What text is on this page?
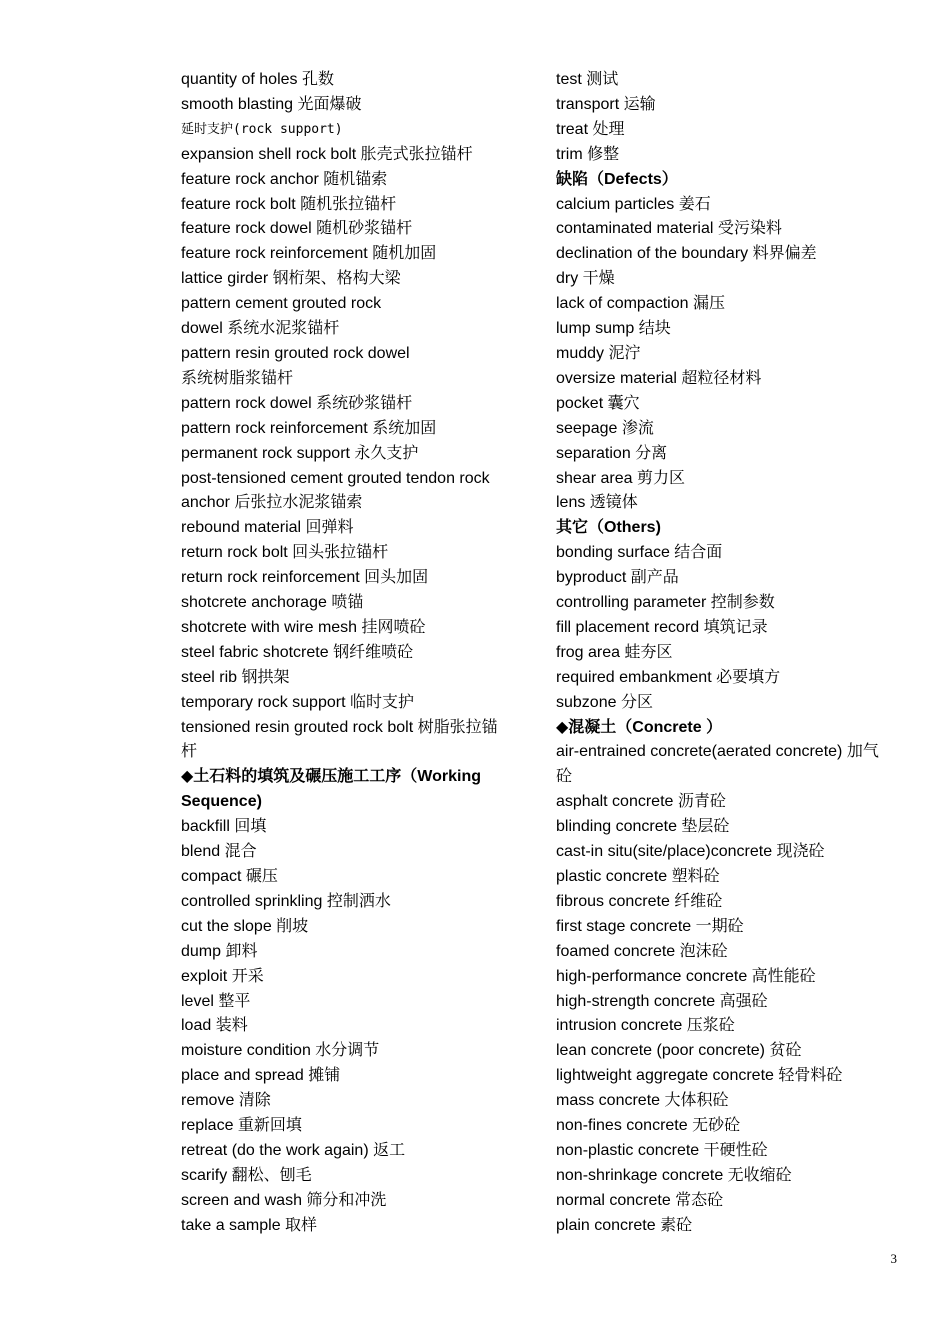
quantity of holes 孔数
smooth blasting 光面爆破
延时支护(rock support)
expansion shell rock bolt 胀壳式张拉锚杆
feature rock anchor 随机锚索
feature rock bolt 随机张拉锚杆
feature rock dowel 随机砂浆锚杆
feature rock reinforcement 随机加固
lattice girder 钢桁架、格构大梁
pattern cement grouted rock
dowel 系统水泥浆锚杆
pattern resin grouted rock dowel
系统树脂浆锚杆
pattern rock dowel 系统砂浆锚杆
pattern rock reinforcement 系统加固
permanent rock support 永久支护
post-tensioned cement grouted tendon rock
anchor 后张拉水泥浆锚索
rebound material 回弹料
return rock bolt 回头张拉锚杆
return rock reinforcement 回头加固
shotcrete anchorage 喷锚
shotcrete with wire mesh 挂网喷砼
steel fabric shotcrete 钢纤维喷砼
steel rib 钢拱架
temporary rock support 临时支护
tensioned resin grouted rock bolt 树脂张拉锚
杆
◆土石料的填筑及碾压施工工序（Working
Sequence)
backfill 回填
blend 混合
compact 碾压
controlled sprinkling 控制洒水
cut the slope 削坡
dump 卸料
exploit 开采
level 整平
load 装料
moisture condition 水分调节
place and spread 摊铺
remove 清除
replace 重新回填
retreat (do the work again) 返工
scarify 翻松、刨毛
screen and wash 筛分和冲洗
take a sample 取样
test 测试
transport 运输
treat 处理
trim 修整
缺陷（Defects）
calcium particles 姜石
contaminated material 受污染料
declination of the boundary 料界偏差
dry 干燥
lack of compaction 漏压
lump sump 结块
muddy 泥泞
oversize material 超粒径材料
pocket 囊穴
seepage 渗流
separation 分离
shear area 剪力区
lens 透镜体
其它（Others)
bonding surface 结合面
byproduct 副产品
controlling parameter 控制参数
fill placement record 填筑记录
frog area 蛙夯区
required embankment 必要填方
subzone 分区
◆混凝土（Concrete ）
air-entrained concrete(aerated concrete) 加气
砼
asphalt concrete 沥青砼
blinding concrete 垫层砼
cast-in situ(site/place)concrete 现浇砼
plastic concrete 塑料砼
fibrous concrete 纤维砼
first stage concrete 一期砼
foamed concrete 泡沫砼
high-performance concrete 高性能砼
high-strength concrete 高强砼
intrusion concrete 压浆砼
lean concrete (poor concrete) 贫砼
lightweight aggregate concrete 轻骨料砼
mass concrete 大体积砼
non-fines concrete 无砂砼
non-plastic concrete 干硬性砼
non-shrinkage concrete 无收缩砼
normal concrete 常态砼
plain concrete 素砼
3
